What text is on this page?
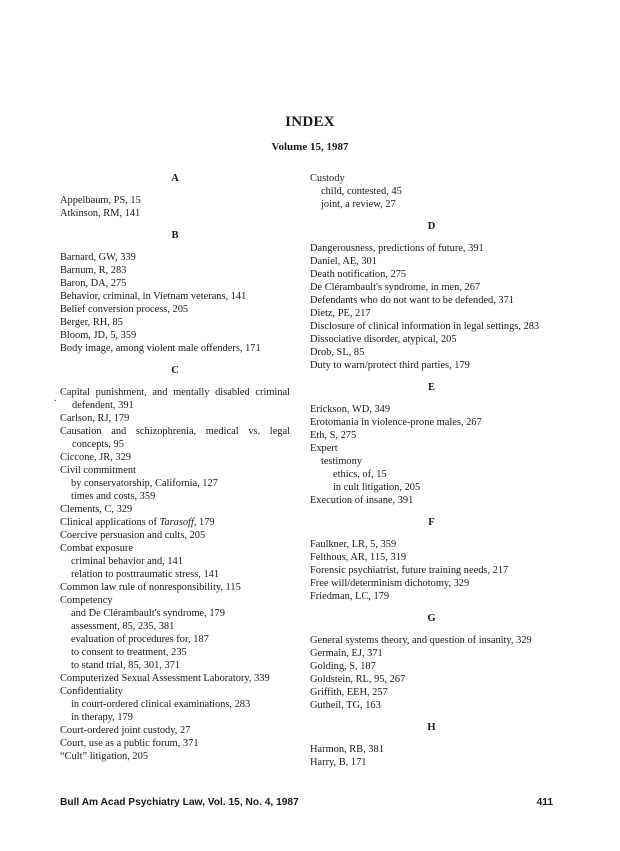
INDEX
Volume 15, 1987
.
A
Appelbaum, PS, 15
Atkinson, RM, 141
B
Barnard, GW, 339
Barnum, R, 283
Baron, DA, 275
Behavior, criminal, in Vietnam veterans, 141
Belief conversion process, 205
Berger, RH, 85
Bloom, JD, 5, 359
Body image, among violent male offenders, 171
C
Capital punishment, and mentally disabled criminal defendent, 391
Carlson, RJ, 179
Causation and schizophrenia, medical vs. legal concepts, 95
Ciccone, JR, 329
Civil commitment
by conservatorship, California, 127
times and costs, 359
Clements, C, 329
Clinical applications of Tarasoff, 179
Coercive persuasion and cults, 205
Combat exposure
criminal behavior and, 141
relation to posttraumatic stress, 141
Common law rule of nonresponsibility, 115
Competency
and De Clérambault's syndrome, 179
assessment, 85, 235, 381
evaluation of procedures for, 187
to consent to treatment, 235
to stand trial, 85, 301, 371
Computerized Sexual Assessment Laboratory, 339
Confidentiality
in court-ordered clinical examinations, 283
in therapy, 179
Court-ordered joint custody, 27
Court, use as a public forum, 371
“Cult” litigation, 205
Custody
child, contested, 45
joint, a review, 27
D
Dangerousness, predictions of future, 391
Daniel, AE, 301
Death notification, 275
De Clérambault's syndrome, in men, 267
Defendants who do not want to be defended, 371
Dietz, PE, 217
Disclosure of clinical information in legal settings, 283
Dissociative disorder, atypical, 205
Drob, SL, 85
Duty to warn/protect third parties, 179
E
Erickson, WD, 349
Erotomania in violence-prone males, 267
Eth, S, 275
Expert
testimony
ethics, of, 15
in cult litigation, 205
Execution of insane, 391
F
Faulkner, LR, 5, 359
Felthous, AR, 115, 319
Forensic psychiatrist, future training needs, 217
Free will/determinism dichotomy, 329
Friedman, LC, 179
G
General systems theory, and question of insanity, 329
Germain, EJ, 371
Golding, S, 187
Goldstein, RL, 95, 267
Griffith, EEH, 257
Gutheil, TG, 163
H
Harmon, RB, 381
Harry, B, 171
Bull Am Acad Psychiatry Law, Vol. 15, No. 4, 1987	411
